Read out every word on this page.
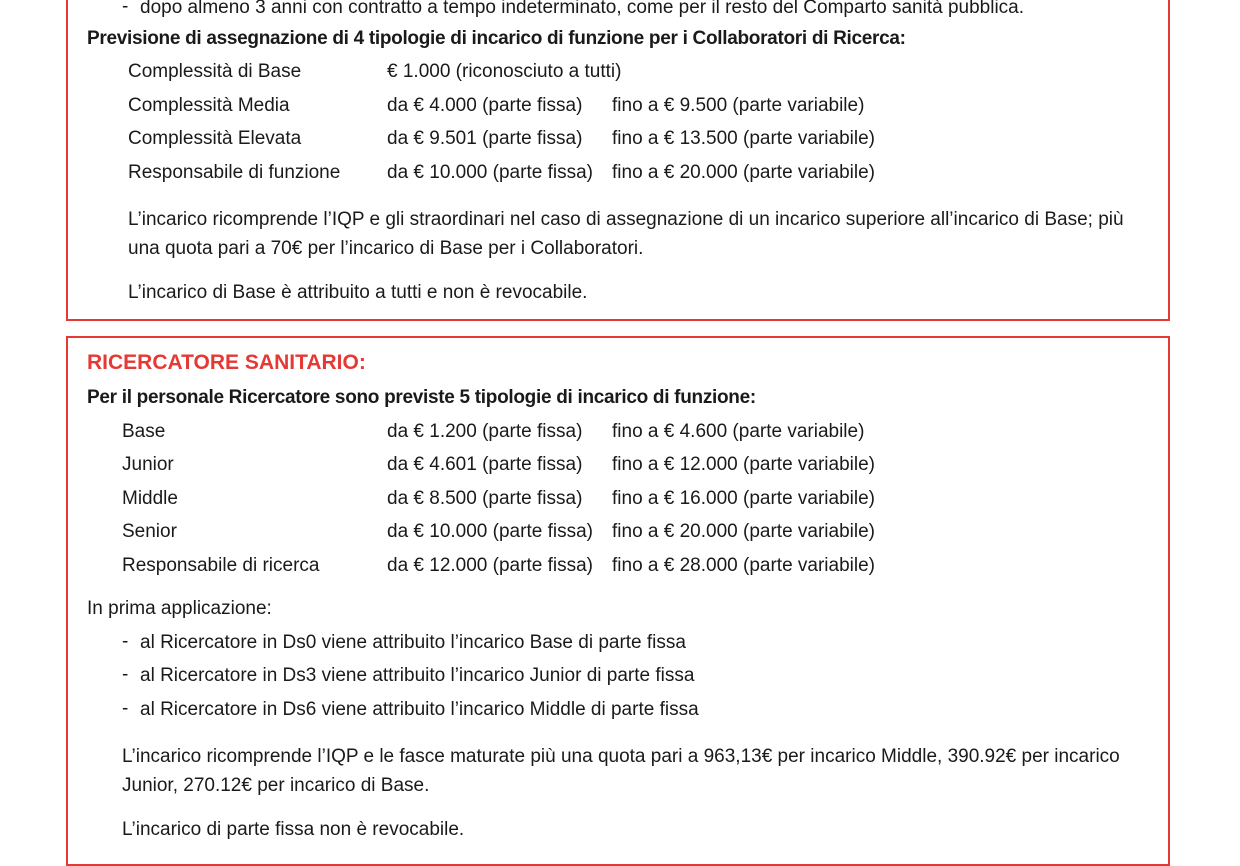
- dopo almeno 3 anni con contratto a tempo indeterminato, come per il resto del Comparto sanità pubblica.
Previsione di assegnazione di 4 tipologie di incarico di funzione per i Collaboratori di Ricerca:
Complessità di Base	€ 1.000 (riconosciuto a tutti)
Complessità Media	da € 4.000 (parte fissa) fino a € 9.500 (parte variabile)
Complessità Elevata	da € 9.501 (parte fissa) fino a € 13.500 (parte variabile)
Responsabile di funzione da € 10.000 (parte fissa) fino a € 20.000 (parte variabile)
L’incarico ricomprende l’IQP e gli straordinari nel caso di assegnazione di un incarico superiore all’incarico di Base; più una quota pari a 70€ per l’incarico di Base per i Collaboratori.
L’incarico di Base è attribuito a tutti e non è revocabile.
RICERCATORE SANITARIO:
Per il personale Ricercatore sono previste 5 tipologie di incarico di funzione:
Base	da € 1.200 (parte fissa) fino a € 4.600 (parte variabile)
Junior	da € 4.601 (parte fissa) fino a € 12.000 (parte variabile)
Middle	da € 8.500 (parte fissa) fino a € 16.000 (parte variabile)
Senior	da € 10.000 (parte fissa) fino a € 20.000 (parte variabile)
Responsabile di ricerca	da € 12.000 (parte fissa) fino a € 28.000 (parte variabile)
In prima applicazione:
- al Ricercatore in Ds0 viene attribuito l’incarico Base di parte fissa
- al Ricercatore in Ds3 viene attribuito l’incarico Junior di parte fissa
- al Ricercatore in Ds6 viene attribuito l’incarico Middle di parte fissa
L’incarico ricomprende l’IQP e le fasce maturate più una quota pari a 963,13€ per incarico Middle, 390.92€ per incarico Junior, 270.12€ per incarico di Base.
L’incarico di parte fissa non è revocabile.
